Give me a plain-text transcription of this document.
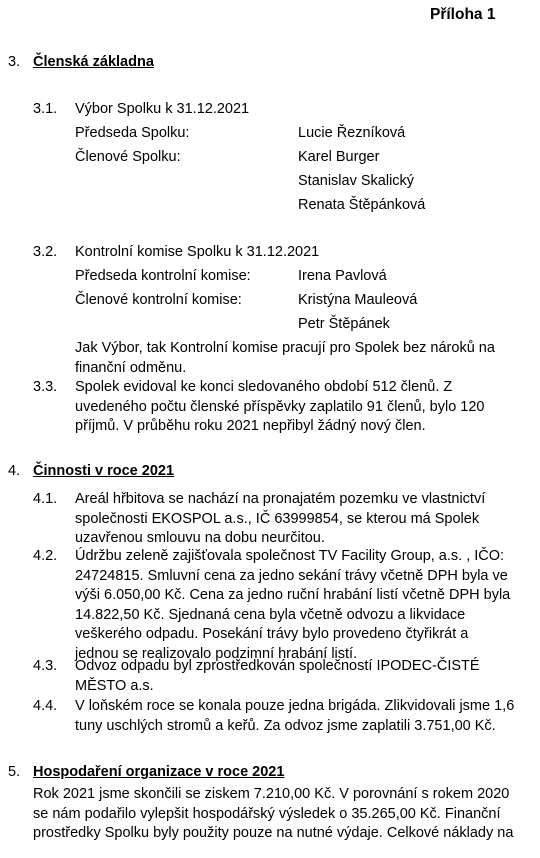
Příloha 1
3. Členská základna
3.1. Výbor Spolku k 31.12.2021
Předseda Spolku:	Lucie Řezníková
Členové Spolku:	Karel Burger
Stanislav Skalický
Renata Štěpánková
3.2. Kontrolní komise Spolku k 31.12.2021
Předseda kontrolní komise:	Irena Pavlová
Členové kontrolní komise:	Kristýna Mauleová
Petr Štěpánek
Jak Výbor, tak Kontrolní komise pracují pro Spolek bez nároků na finanční odměnu.
3.3. Spolek evidoval ke konci sledovaného období 512 členů. Z uvedeného počtu členské příspěvky zaplatilo 91 členů, bylo 120 příjmů. V průběhu roku 2021 nepřibyl žádný nový člen.
4. Činnosti v roce 2021
4.1. Areál hřbitova se nachází na pronajatém pozemku ve vlastnictví společnosti EKOSPOL a.s., IČ 63999854, se kterou má Spolek uzavřenou smlouvu na dobu neurčitou.
4.2. Údržbu zeleně zajišťovala společnost TV Facility Group, a.s. , IČO: 24724815. Smluvní cena za jedno sekání trávy včetně DPH byla ve výši 6.050,00 Kč. Cena za jedno ruční hrabání listí včetně DPH byla 14.822,50 Kč. Sjednaná cena byla včetně odvozu a likvidace veškerého odpadu. Posekání trávy bylo provedeno čtyřikrát a jednou se realizovalo podzimní hrabání listí.
4.3. Odvoz odpadu byl zprostředkován společností IPODEC-ČISTÉ MĚSTO a.s.
4.4. V loňském roce se konala pouze jedna brigáda. Zlikvidovali jsme 1,6 tuny uschlých stromů a keřů. Za odvoz jsme zaplatili 3.751,00 Kč.
5. Hospodaření organizace v roce 2021
Rok 2021 jsme skončili se ziskem 7.210,00 Kč. V porovnání s rokem 2020 se nám podařilo vylepšit hospodářský výsledek o 35.265,00 Kč. Finanční prostředky Spolku byly použity pouze na nutné výdaje. Celkové náklady na
